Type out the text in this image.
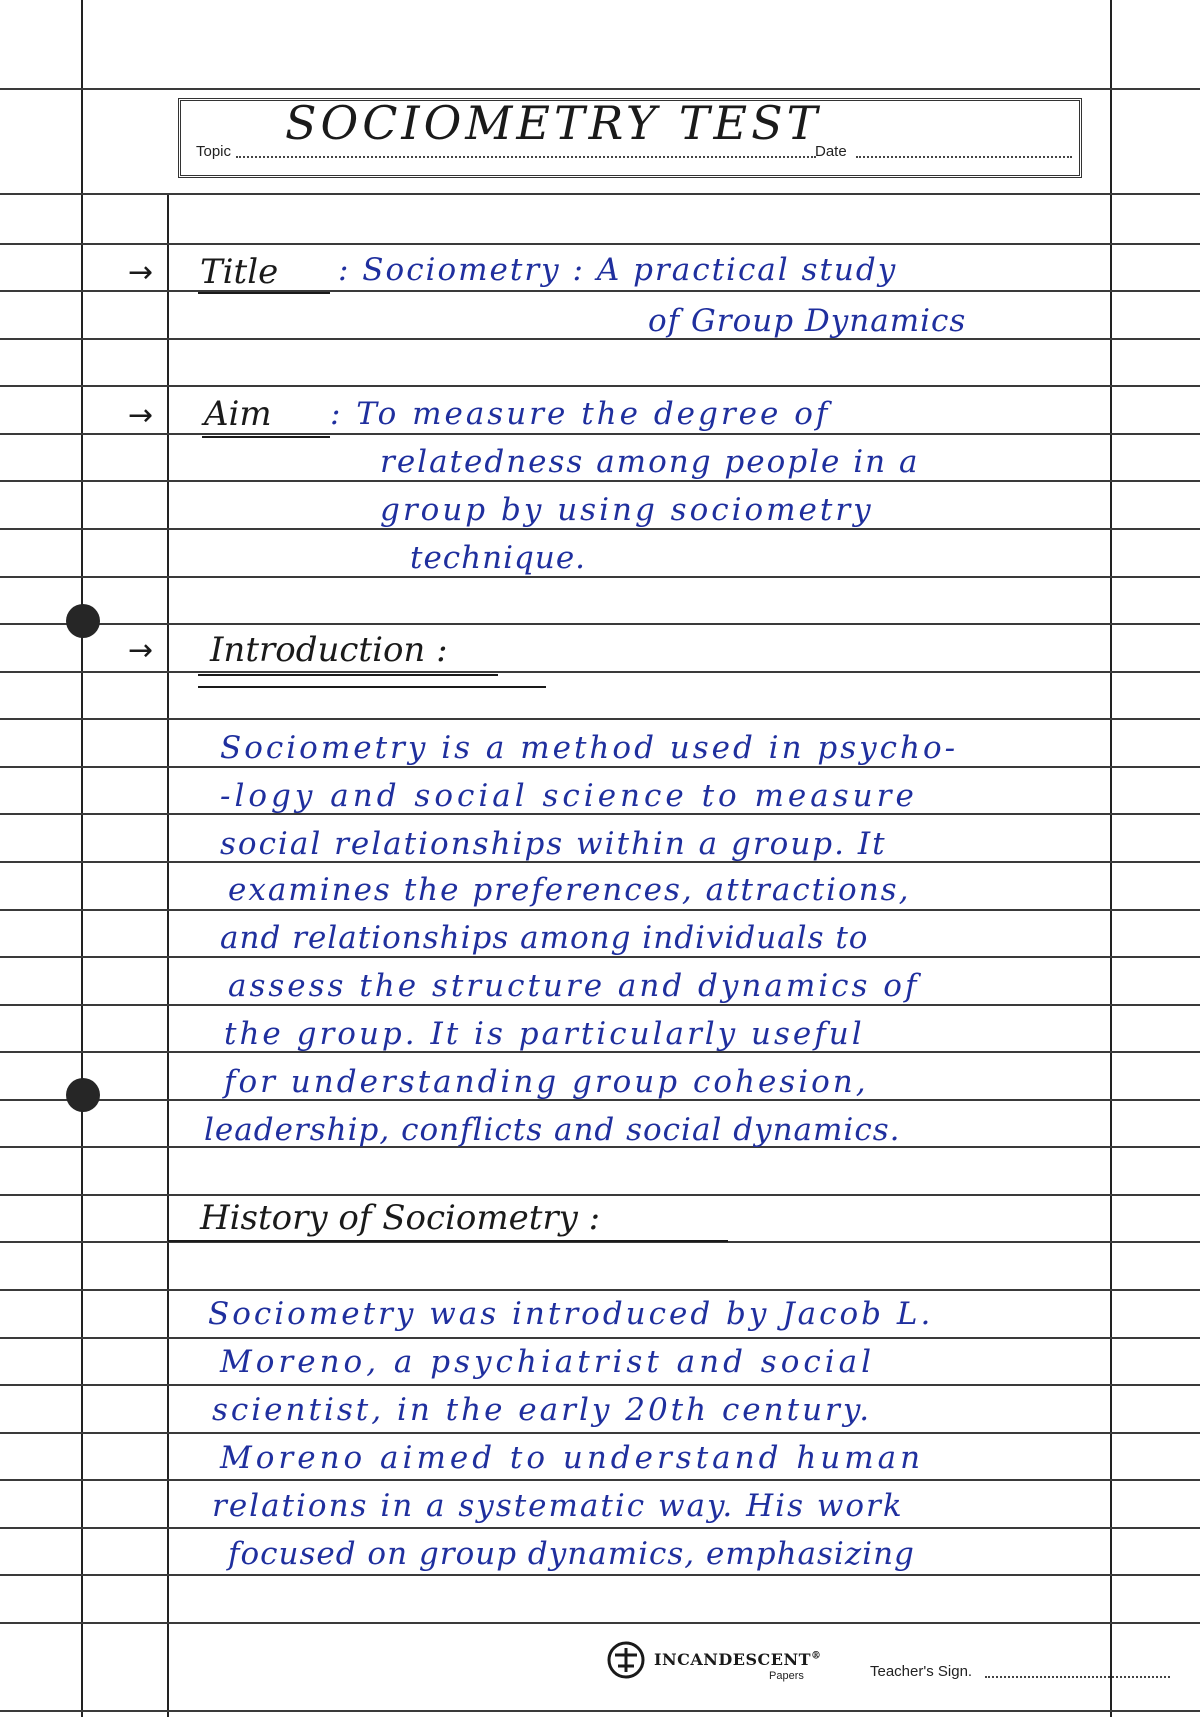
Topic
SOCIOMETRY TEST
Date
→ Title : Sociometry : A practical study
of Group Dynamics
→ Aim : To measure the degree of
relatedness among people in a
group by using sociometry
technique.
→ Introduction :
Sociometry is a method used in psycho-
-logy and social science to measure
social relationships within a group. It
examines the preferences, attractions,
and relationships among individuals to
assess the structure and dynamics of
the group. It is particularly useful
for understanding group cohesion,
leadership, conflicts and social dynamics.
History of Sociometry :
Sociometry was introduced by Jacob L.
Moreno, a psychiatrist and social
scientist, in the early 20th century.
Moreno aimed to understand human
relations in a systematic way. His work
focused on group dynamics, emphasizing
INCANDESCENT®
Papers	Teacher's Sign.
